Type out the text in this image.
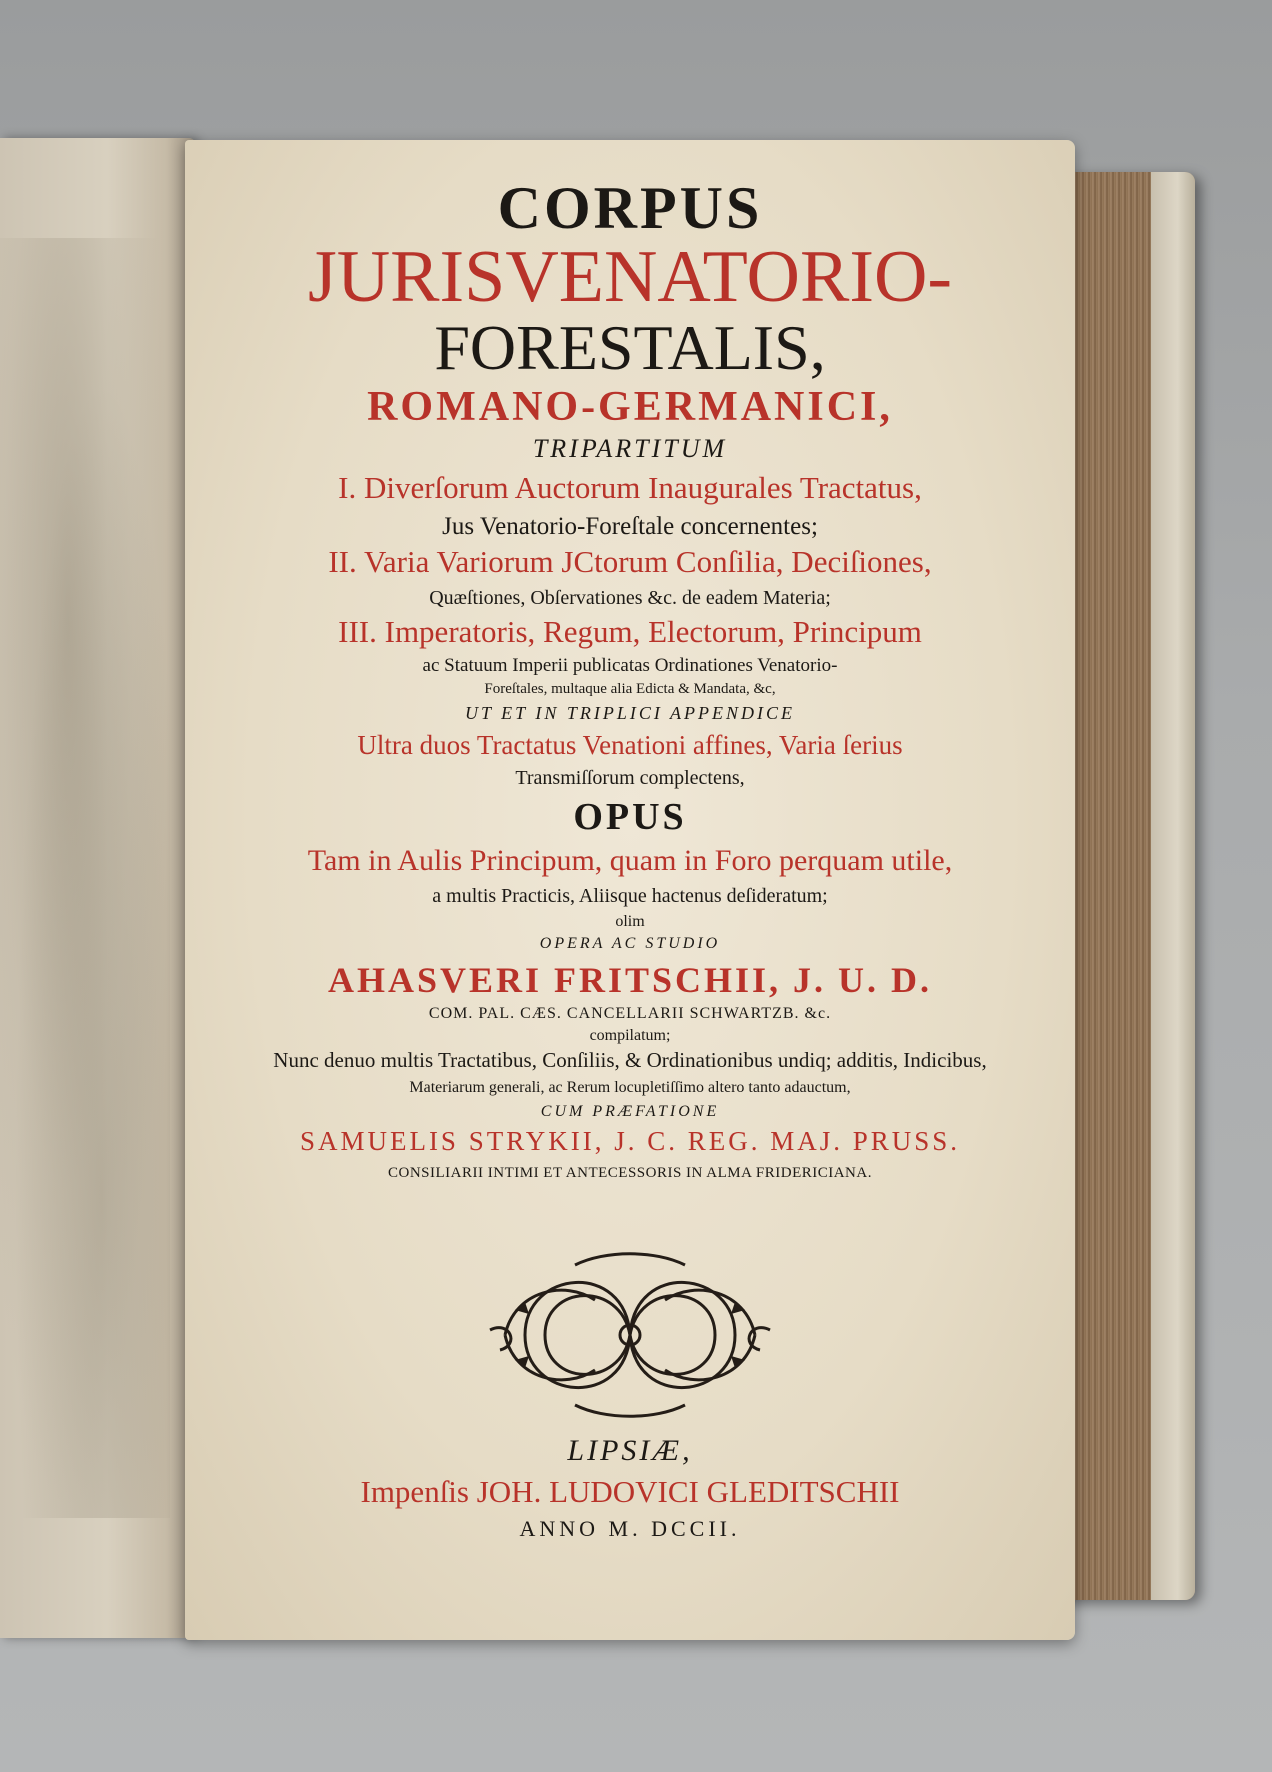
CORPUS
JURISVENATORIO-
FORESTALIS,
ROMANO-GERMANICI,
TRIPARTITUM
I. Diverſorum Auctorum Inaugurales Tractatus,
Jus Venatorio-Foreſtale concernentes;
II. Varia Variorum JCtorum Conſilia, Deciſiones,
Quæſtiones, Obſervationes &c. de eadem Materia;
III. Imperatoris, Regum, Electorum, Principum
ac Statuum Imperii publicatas Ordinationes Venatorio-
Foreſtales, multaque alia Edicta & Mandata, &c,
UT ET IN TRIPLICI APPENDICE
Ultra duos Tractatus Venationi affines, Varia ſerius
Transmiſſorum complectens,
OPUS
Tam in Aulis Principum, quam in Foro perquam utile,
a multis Practicis, Aliisque hactenus deſideratum;
olim
OPERA AC STUDIO
AHASVERI FRITSCHII, J. U. D.
COM. PAL. CÆS. CANCELLARII SCHWARTZB. &c.
compilatum;
Nunc denuo multis Tractatibus, Conſiliis, & Ordinationibus undiq; additis, Indicibus,
Materiarum generali, ac Rerum locupletiſſimo altero tanto adauctum,
CUM PRÆFATIONE
SAMUELIS STRYKII, J. C. REG. MAJ. PRUSS.
CONSILIARII INTIMI ET ANTECESSORIS IN ALMA FRIDERICIANA.
LIPSIÆ,
Impenſis JOH. LUDOVICI GLEDITSCHII
ANNO M. DCCII.
